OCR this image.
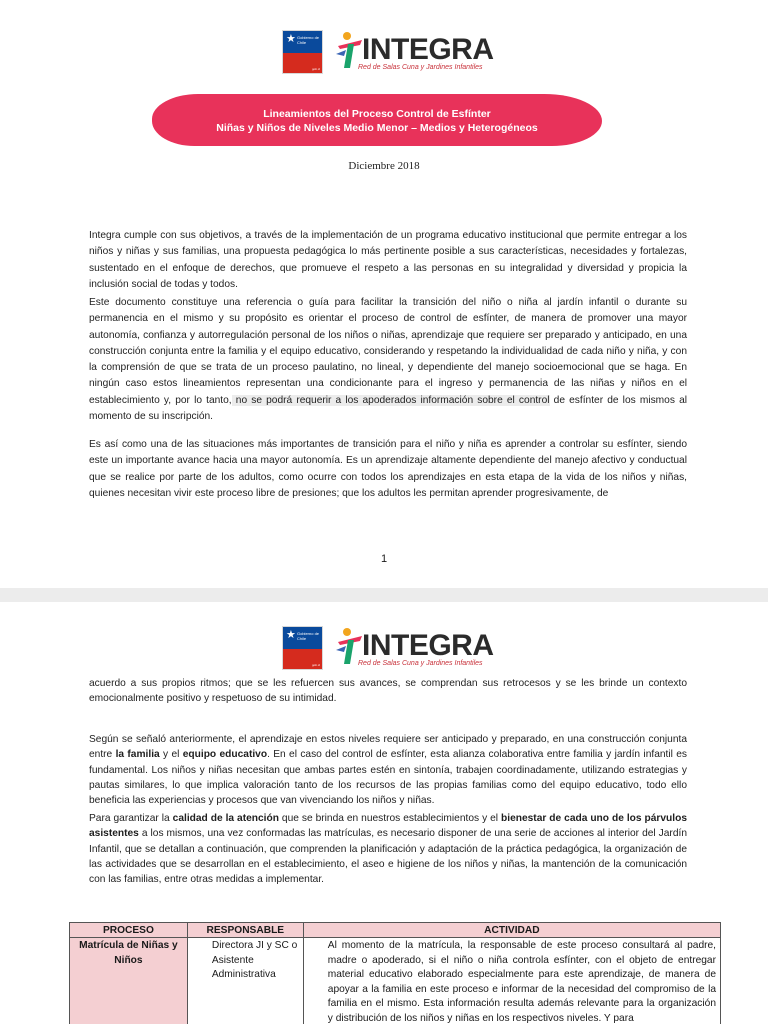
★ Gobierno de Chile
gob.cl
INTEGRA
Red de Salas Cuna y Jardines Infantiles
Lineamientos del Proceso Control de Esfínter
Niñas y Niños de Niveles Medio Menor – Medios y Heterogéneos
Diciembre 2018

Integra cumple con sus objetivos, a través de la implementación de un programa educativo institucional que permite entregar a los niños y niñas y sus familias, una propuesta pedagógica lo más pertinente posible a sus características, necesidades y fortalezas, sustentado en el enfoque de derechos, que promueve el respeto a las personas en su integralidad y diversidad y propicia la inclusión social de todas y todos.

Este documento constituye una referencia o guía para facilitar la transición del niño o niña al jardín infantil o durante su permanencia en el mismo y su propósito es orientar el proceso de control de esfínter, de manera de promover una mayor autonomía, confianza y autorregulación personal de los niños o niñas, aprendizaje que requiere ser preparado y anticipado, en una construcción conjunta entre la familia y el equipo educativo, considerando y respetando la individualidad de cada niño y niña, y con la comprensión de que se trata de un proceso paulatino, no lineal, y dependiente del manejo socioemocional que se haga. En ningún caso estos lineamientos representan una condicionante para el ingreso y permanencia de las niñas y niños en el establecimiento y, por lo tanto, no se podrá requerir a los apoderados información sobre el control de esfínter de los mismos al momento de su inscripción.

Es así como una de las situaciones más importantes de transición para el niño y niña es aprender a controlar su esfínter, siendo este un importante avance hacia una mayor autonomía. Es un aprendizaje altamente dependiente del manejo afectivo y conductual que se realice por parte de los adultos, como ocurre con todos los aprendizajes en esta etapa de la vida de los niños y niñas, quienes necesitan vivir este proceso libre de presiones; que los adultos les permitan aprender progresivamente, de

1
★ Gobierno de Chile
gob.cl
INTEGRA
Red de Salas Cuna y Jardines Infantiles

acuerdo a sus propios ritmos; que se les refuercen sus avances, se comprendan sus retrocesos y se les brinde un contexto emocionalmente positivo y respetuoso de su intimidad.

Según se señaló anteriormente, el aprendizaje en estos niveles requiere ser anticipado y preparado, en una construcción conjunta entre la familia y el equipo educativo. En el caso del control de esfínter, esta alianza colaborativa entre familia y jardín infantil es fundamental. Los niños y niñas necesitan que ambas partes estén en sintonía, trabajen coordinadamente, utilizando estrategias y pautas similares, lo que implica valoración tanto de los recursos de las propias familias como del equipo educativo, todo ello beneficia las experiencias y procesos que van vivenciando los niños y niñas.

Para garantizar la calidad de la atención que se brinda en nuestros establecimientos y el bienestar de cada uno de los párvulos asistentes a los mismos, una vez conformadas las matrículas, es necesario disponer de una serie de acciones al interior del Jardín Infantil, que se detallan a continuación, que comprenden la planificación y adaptación de la práctica pedagógica, la organización de las actividades que se desarrollan en el establecimiento, el aseo e higiene de los niños y niñas, la mantención de la comunicación con las familias, entre otras medidas a implementar.

PROCESO	RESPONSABLE	ACTIVIDAD
Matrícula de Niñas y Niños	Directora JI y SC o Asistente Administrativa	Al momento de la matrícula, la responsable de este proceso consultará al padre, madre o apoderado, si el niño o niña controla esfínter, con el objeto de entregar material educativo elaborado especialmente para este aprendizaje, de manera de apoyar a la familia en este proceso e informar de la necesidad del compromiso de la familia en el mismo. Esta información resulta además relevante para la organización y distribución de los niños y niñas en los respectivos niveles. Y para
